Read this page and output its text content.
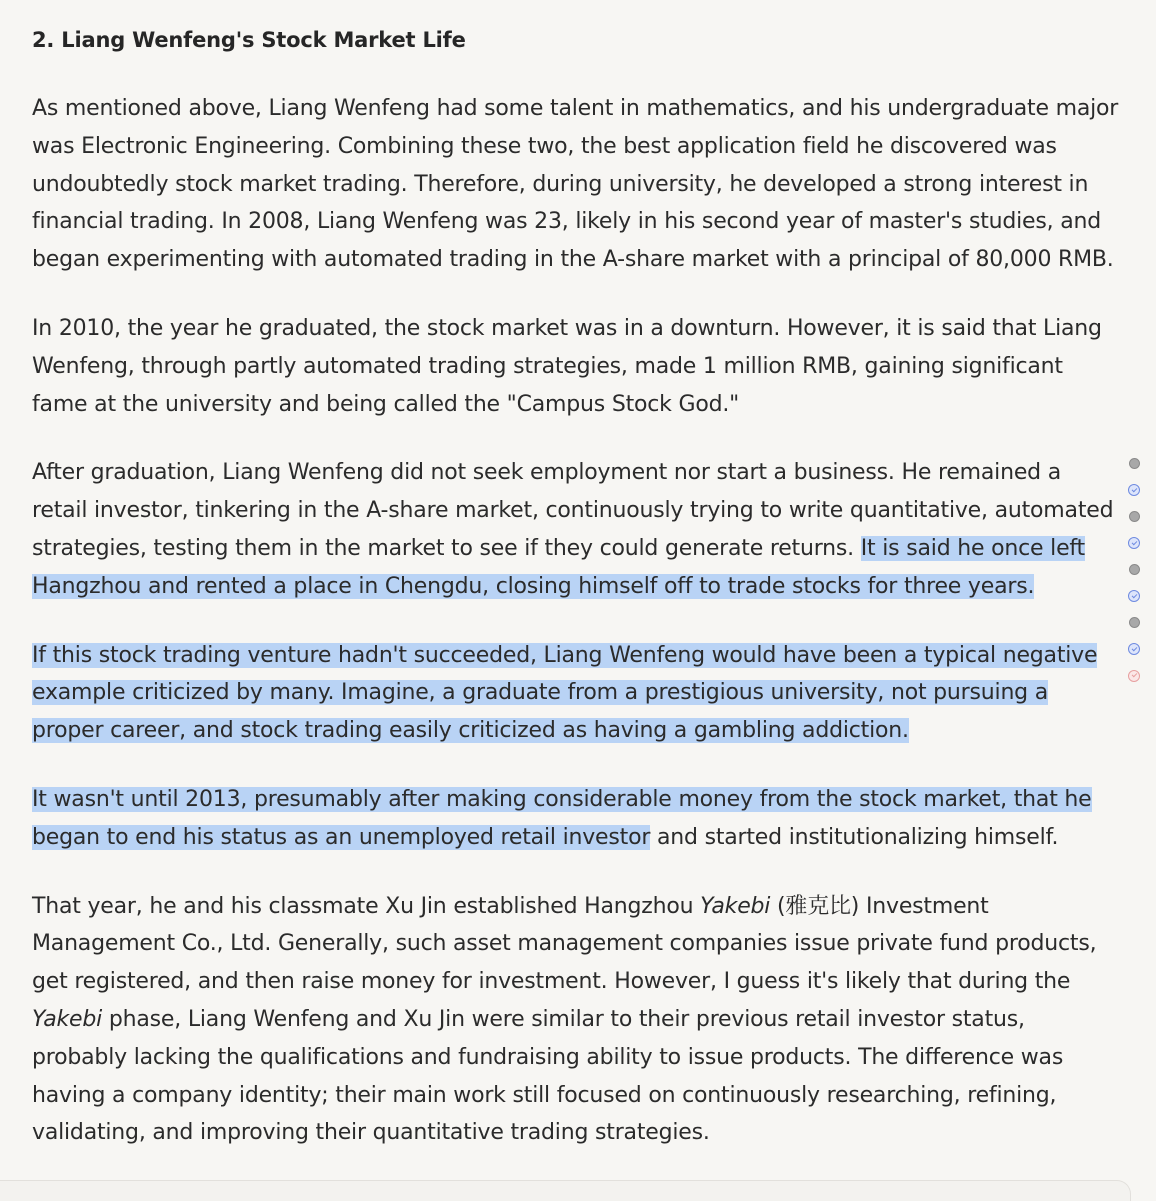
2. Liang Wenfeng's Stock Market Life

As mentioned above, Liang Wenfeng had some talent in mathematics, and his undergraduate major was Electronic Engineering. Combining these two, the best application field he discovered was undoubtedly stock market trading. Therefore, during university, he developed a strong interest in financial trading. In 2008, Liang Wenfeng was 23, likely in his second year of master's studies, and began experimenting with automated trading in the A-share market with a principal of 80,000 RMB.

In 2010, the year he graduated, the stock market was in a downturn. However, it is said that Liang Wenfeng, through partly automated trading strategies, made 1 million RMB, gaining significant fame at the university and being called the "Campus Stock God."

After graduation, Liang Wenfeng did not seek employment nor start a business. He remained a retail investor, tinkering in the A-share market, continuously trying to write quantitative, automated strategies, testing them in the market to see if they could generate returns. It is said he once left Hangzhou and rented a place in Chengdu, closing himself off to trade stocks for three years.

If this stock trading venture hadn't succeeded, Liang Wenfeng would have been a typical negative example criticized by many. Imagine, a graduate from a prestigious university, not pursuing a proper career, and stock trading easily criticized as having a gambling addiction.

It wasn't until 2013, presumably after making considerable money from the stock market, that he began to end his status as an unemployed retail investor and started institutionalizing himself.

That year, he and his classmate Xu Jin established Hangzhou Yakebi (雅克比) Investment Management Co., Ltd. Generally, such asset management companies issue private fund products, get registered, and then raise money for investment. However, I guess it's likely that during the Yakebi phase, Liang Wenfeng and Xu Jin were similar to their previous retail investor status, probably lacking the qualifications and fundraising ability to issue products. The difference was having a company identity; their main work still focused on continuously researching, refining, validating, and improving their quantitative trading strategies.
